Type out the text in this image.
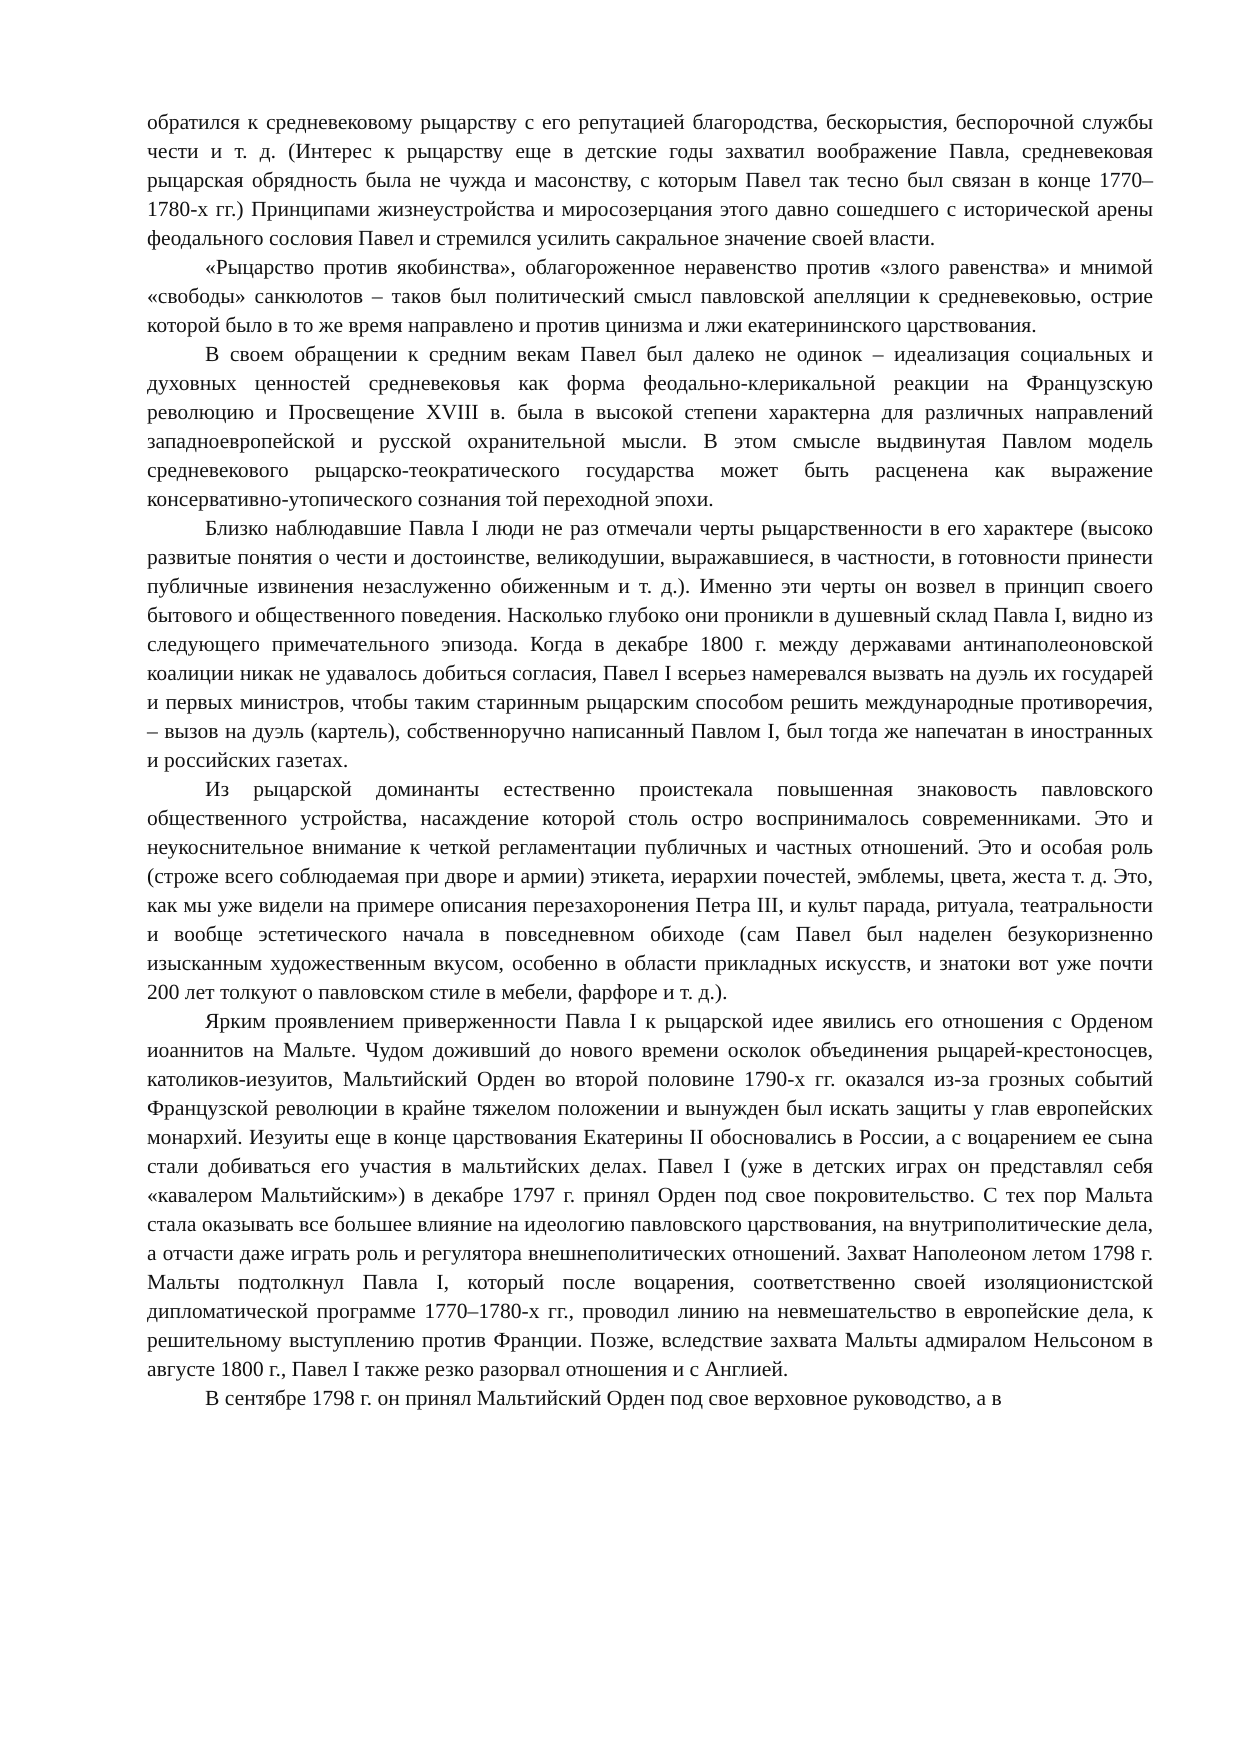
обратился к средневековому рыцарству с его репутацией благородства, бескорыстия, беспорочной службы чести и т. д. (Интерес к рыцарству еще в детские годы захватил воображение Павла, средневековая рыцарская обрядность была не чужда и масонству, с которым Павел так тесно был связан в конце 1770–1780-х гг.) Принципами жизнеустройства и миросозерцания этого давно сошедшего с исторической арены феодального сословия Павел и стремился усилить сакральное значение своей власти.

«Рыцарство против якобинства», облагороженное неравенство против «злого равенства» и мнимой «свободы» санкюлотов – таков был политический смысл павловской апелляции к средневековью, острие которой было в то же время направлено и против цинизма и лжи екатерининского царствования.

В своем обращении к средним векам Павел был далеко не одинок – идеализация социальных и духовных ценностей средневековья как форма феодально-клерикальной реакции на Французскую революцию и Просвещение XVIII в. была в высокой степени характерна для различных направлений западноевропейской и русской охранительной мысли. В этом смысле выдвинутая Павлом модель средневекового рыцарско-теократического государства может быть расценена как выражение консервативно-утопического сознания той переходной эпохи.

Близко наблюдавшие Павла I люди не раз отмечали черты рыцарственности в его характере (высоко развитые понятия о чести и достоинстве, великодушии, выражавшиеся, в частности, в готовности принести публичные извинения незаслуженно обиженным и т. д.). Именно эти черты он возвел в принцип своего бытового и общественного поведения. Насколько глубоко они проникли в душевный склад Павла I, видно из следующего примечательного эпизода. Когда в декабре 1800 г. между державами антинаполеоновской коалиции никак не удавалось добиться согласия, Павел I всерьез намеревался вызвать на дуэль их государей и первых министров, чтобы таким старинным рыцарским способом решить международные противоречия, – вызов на дуэль (картель), собственноручно написанный Павлом I, был тогда же напечатан в иностранных и российских газетах.

Из рыцарской доминанты естественно проистекала повышенная знаковость павловского общественного устройства, насаждение которой столь остро воспринималось современниками. Это и неукоснительное внимание к четкой регламентации публичных и частных отношений. Это и особая роль (строже всего соблюдаемая при дворе и армии) этикета, иерархии почестей, эмблемы, цвета, жеста т. д. Это, как мы уже видели на примере описания перезахоронения Петра III, и культ парада, ритуала, театральности и вообще эстетического начала в повседневном обиходе (сам Павел был наделен безукоризненно изысканным художественным вкусом, особенно в области прикладных искусств, и знатоки вот уже почти 200 лет толкуют о павловском стиле в мебели, фарфоре и т. д.).

Ярким проявлением приверженности Павла I к рыцарской идее явились его отношения с Орденом иоаннитов на Мальте. Чудом доживший до нового времени осколок объединения рыцарей-крестоносцев, католиков-иезуитов, Мальтийский Орден во второй половине 1790-х гг. оказался из-за грозных событий Французской революции в крайне тяжелом положении и вынужден был искать защиты у глав европейских монархий. Иезуиты еще в конце царствования Екатерины II обосновались в России, а с воцарением ее сына стали добиваться его участия в мальтийских делах. Павел I (уже в детских играх он представлял себя «кавалером Мальтийским») в декабре 1797 г. принял Орден под свое покровительство. С тех пор Мальта стала оказывать все большее влияние на идеологию павловского царствования, на внутриполитические дела, а отчасти даже играть роль и регулятора внешнеполитических отношений. Захват Наполеоном летом 1798 г. Мальты подтолкнул Павла I, который после воцарения, соответственно своей изоляционистской дипломатической программе 1770–1780-х гг., проводил линию на невмешательство в европейские дела, к решительному выступлению против Франции. Позже, вследствие захвата Мальты адмиралом Нельсоном в августе 1800 г., Павел I также резко разорвал отношения и с Англией.

В сентябре 1798 г. он принял Мальтийский Орден под свое верховное руководство, а в
